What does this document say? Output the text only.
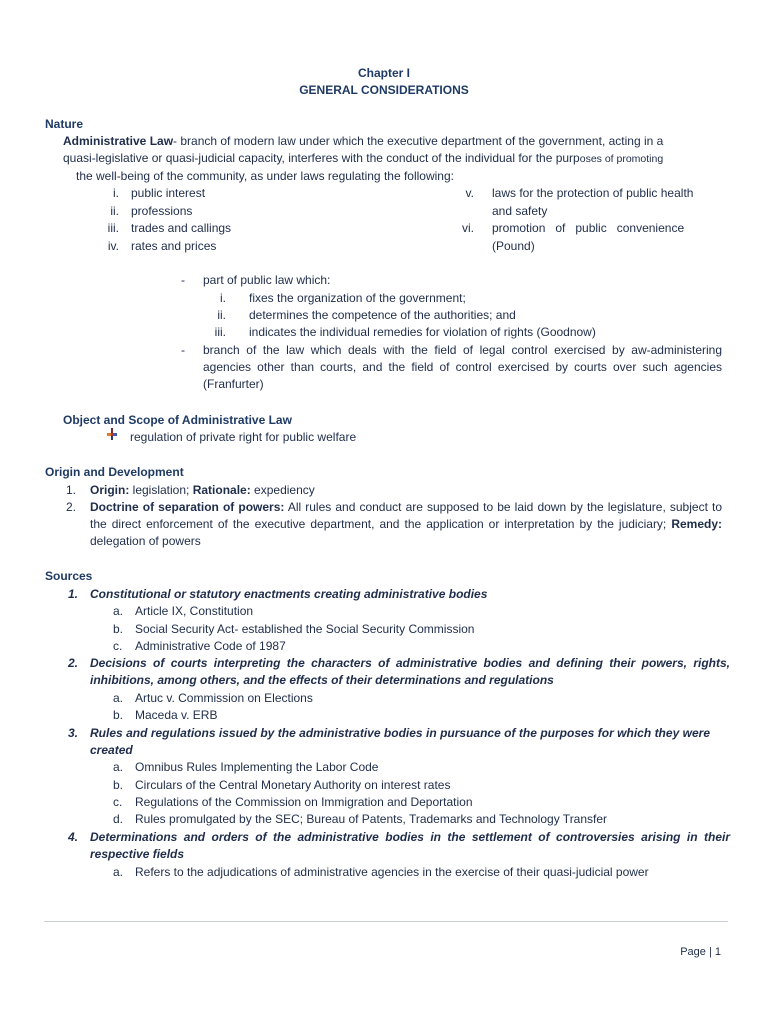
Chapter I
GENERAL CONSIDERATIONS
Nature
Administrative Law- branch of modern law under which the executive department of the government, acting in a
quasi-legislative or quasi-judicial capacity, interferes with the conduct of the individual for the purposes of promoting
the well-being of the community, as under laws regulating the following:
i. public interest
ii. professions
iii. trades and callings
iv. rates and prices
v. laws for the protection of public health
and safety
vi. promotion   of   public   convenience
(Pound)
- part of public law which:
i. fixes the organization of the government;
ii. determines the competence of the authorities; and
iii. indicates the individual remedies for violation of rights (Goodnow)
- branch of the law which deals with the field of legal control exercised by aw-administering agencies other than courts, and the field of control exercised by courts over such agencies (Franfurter)
Object and Scope of Administrative Law
regulation of private right for public welfare
Origin and Development
1. Origin: legislation; Rationale: expediency
2. Doctrine of separation of powers: All rules and conduct are supposed to be laid down by the legislature, subject to the direct enforcement of the executive department, and the application or interpretation by the judiciary; Remedy: delegation of powers
Sources
1. Constitutional or statutory enactments creating administrative bodies
a. Article IX, Constitution
b. Social Security Act- established the Social Security Commission
c. Administrative Code of 1987
2. Decisions of courts interpreting the characters of administrative bodies and defining their powers, rights, inhibitions, among others, and the effects of their determinations and regulations
a. Artuc v. Commission on Elections
b. Maceda v. ERB
3. Rules and regulations issued by the administrative bodies in pursuance of the purposes for which they were created
a. Omnibus Rules Implementing the Labor Code
b. Circulars of the Central Monetary Authority on interest rates
c. Regulations of the Commission on Immigration and Deportation
d. Rules promulgated by the SEC; Bureau of Patents, Trademarks and Technology Transfer
4. Determinations and orders of the administrative bodies in the settlement of controversies arising in their respective fields
a. Refers to the adjudications of administrative agencies in the exercise of their quasi-judicial power
Page | 1
